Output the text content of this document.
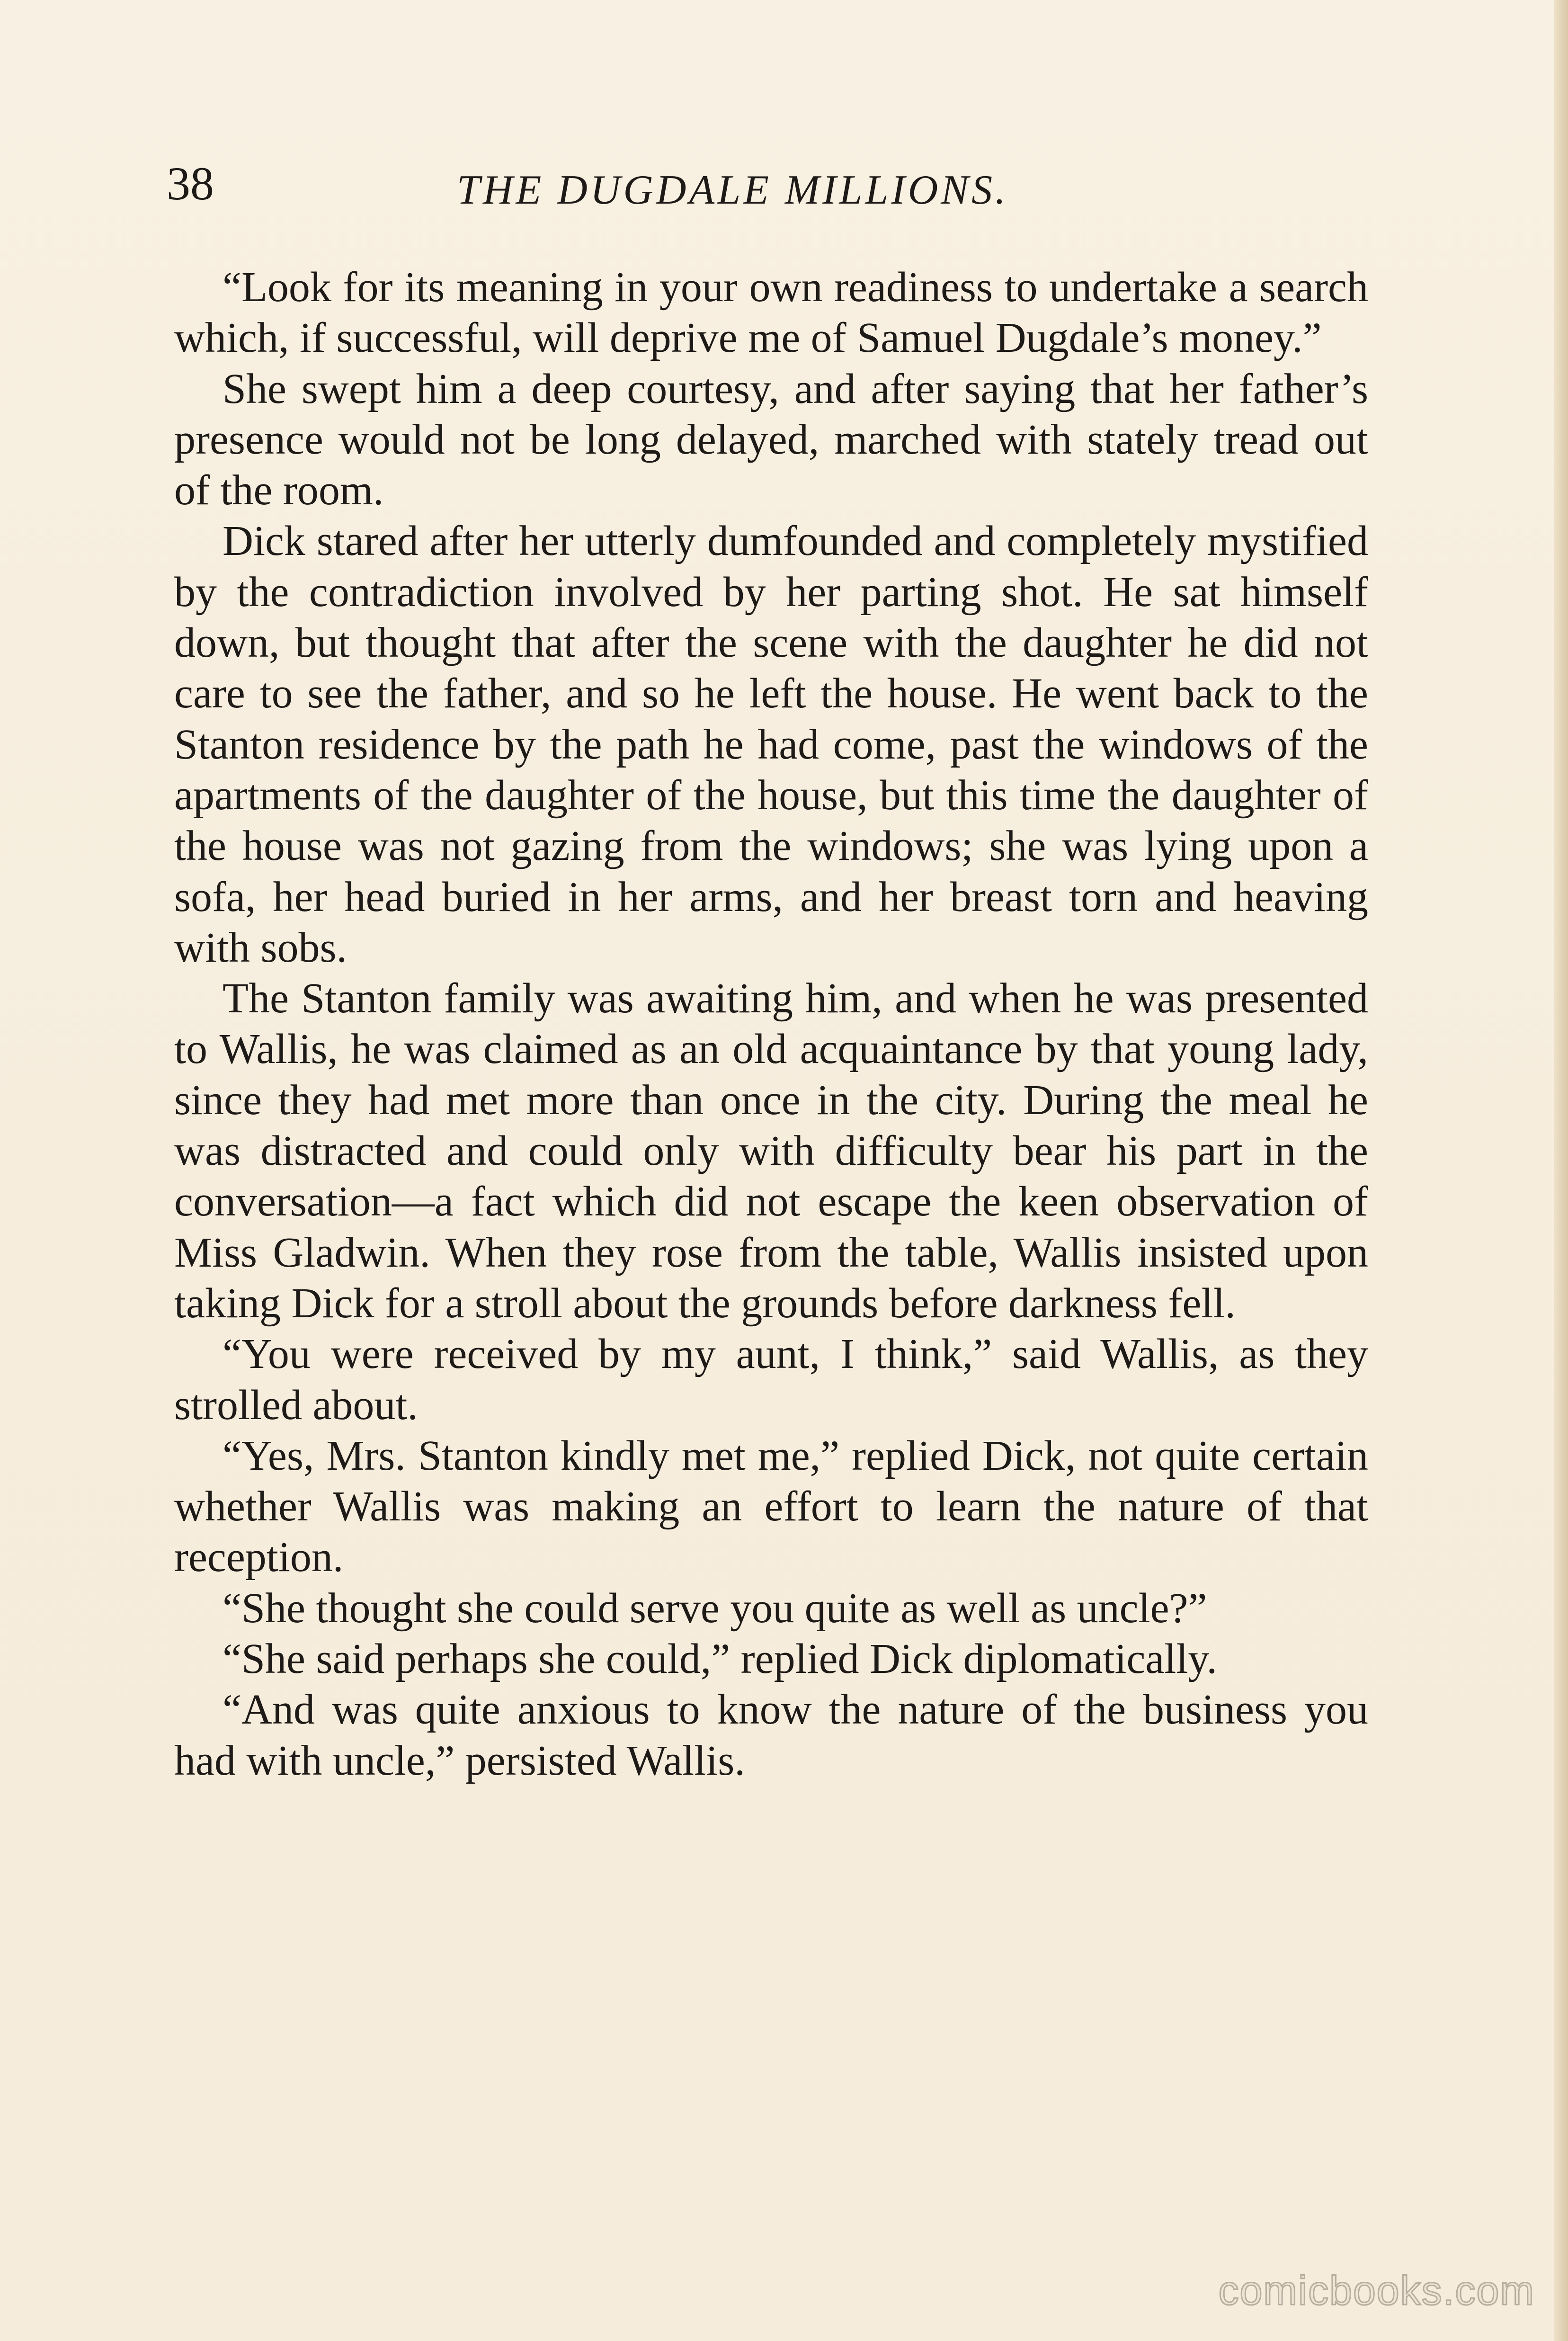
38	THE DUGDALE MILLIONS.

“Look for its meaning in your own readiness to undertake a search which, if successful, will deprive me of Samuel Dugdale’s money.”

She swept him a deep courtesy, and after saying that her father’s presence would not be long delayed, marched with stately tread out of the room.

Dick stared after her utterly dumfounded and completely mystified by the contradiction involved by her parting shot. He sat himself down, but thought that after the scene with the daughter he did not care to see the father, and so he left the house. He went back to the Stanton residence by the path he had come, past the windows of the apartments of the daughter of the house, but this time the daughter of the house was not gazing from the windows; she was lying upon a sofa, her head buried in her arms, and her breast torn and heaving with sobs.

The Stanton family was awaiting him, and when he was presented to Wallis, he was claimed as an old acquaintance by that young lady, since they had met more than once in the city. During the meal he was distracted and could only with difficulty bear his part in the conversation—a fact which did not escape the keen observation of Miss Gladwin. When they rose from the table, Wallis insisted upon taking Dick for a stroll about the grounds before darkness fell.

“You were received by my aunt, I think,” said Wallis, as they strolled about.

“Yes, Mrs. Stanton kindly met me,” replied Dick, not quite certain whether Wallis was making an effort to learn the nature of that reception.

“She thought she could serve you quite as well as uncle?”

“She said perhaps she could,” replied Dick diplomatically.

“And was quite anxious to know the nature of the business you had with uncle,” persisted Wallis.

comicbooks.com
